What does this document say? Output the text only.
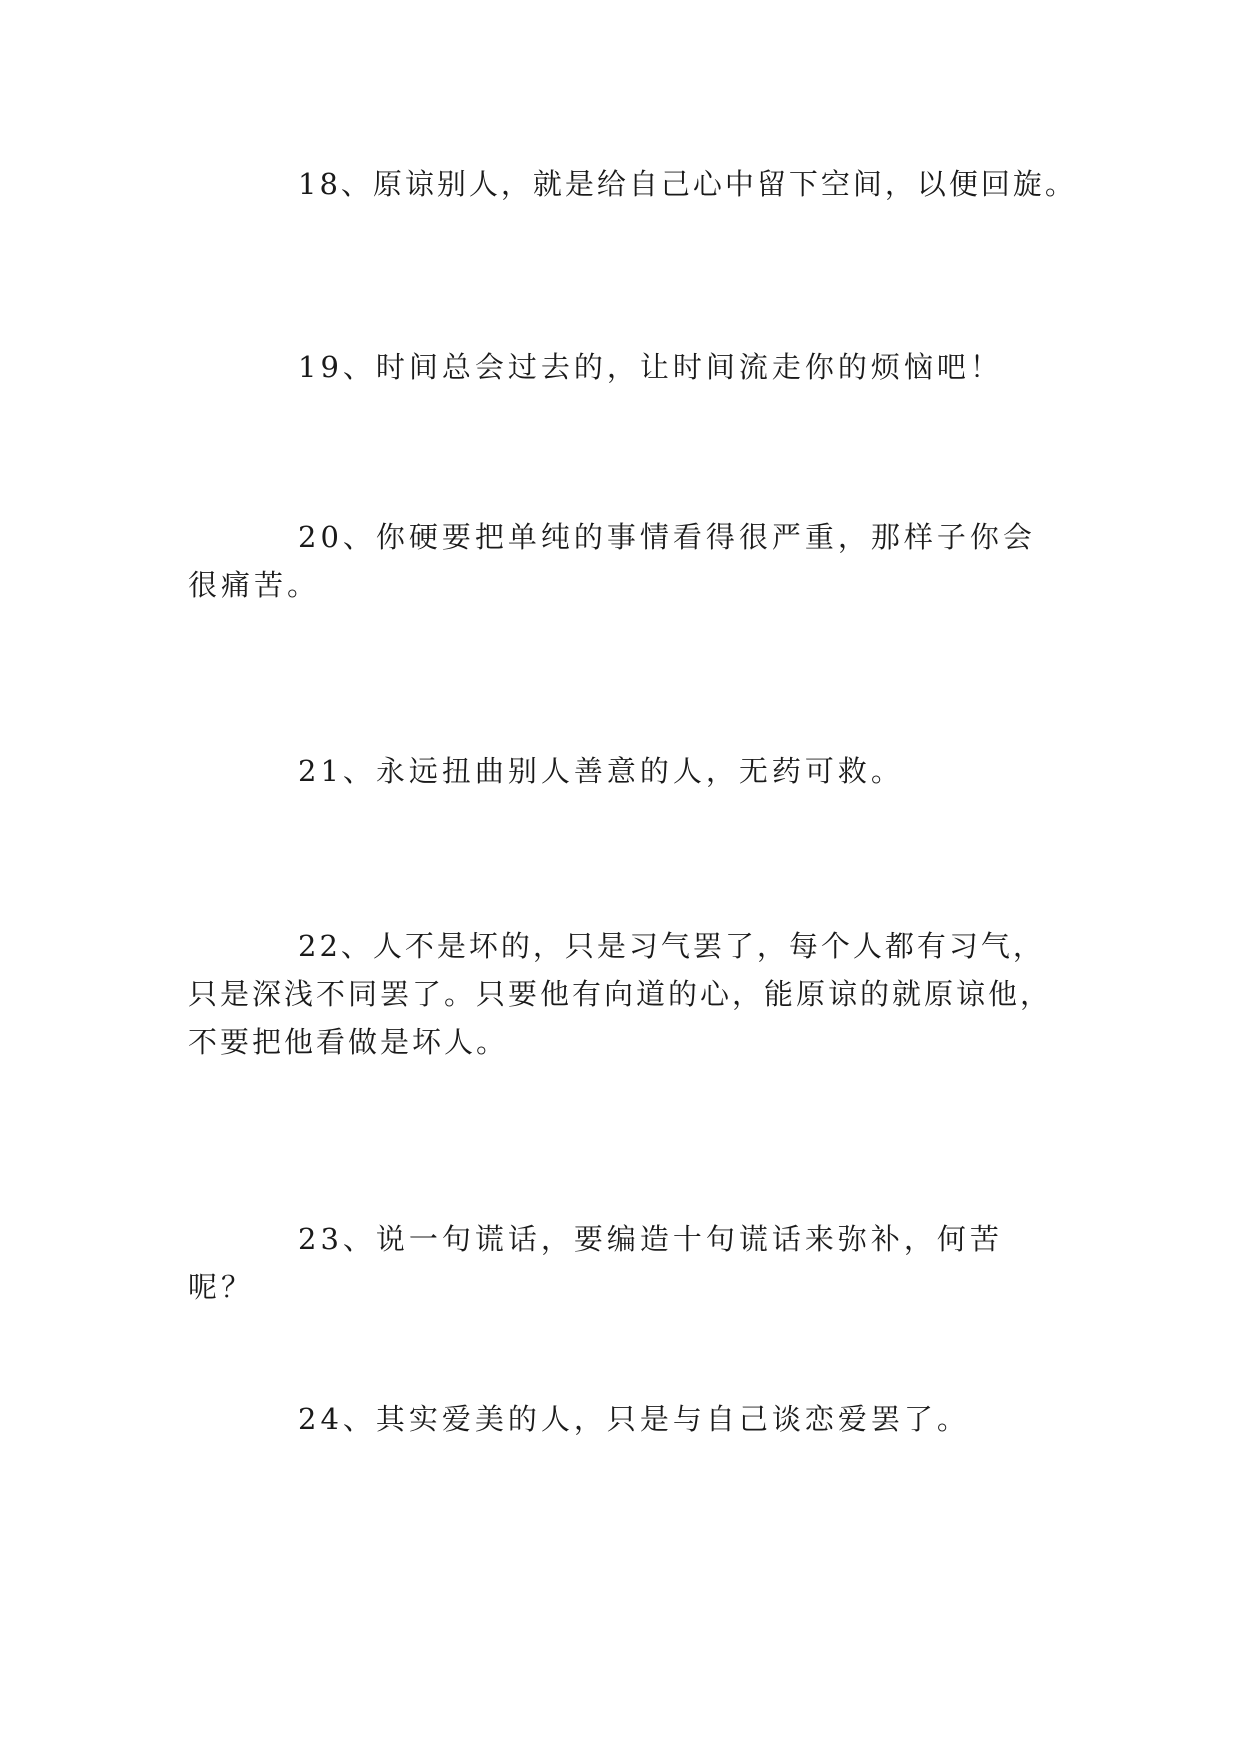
18、原谅别人，就是给自己心中留下空间，以便回旋。

19、时间总会过去的，让时间流走你的烦恼吧！

20、你硬要把单纯的事情看得很严重，那样子你会很痛苦。

21、永远扭曲别人善意的人，无药可救。

22、人不是坏的，只是习气罢了，每个人都有习气，只是深浅不同罢了。只要他有向道的心，能原谅的就原谅他，不要把他看做是坏人。

23、说一句谎话，要编造十句谎话来弥补，何苦呢？

24、其实爱美的人，只是与自己谈恋爱罢了。
